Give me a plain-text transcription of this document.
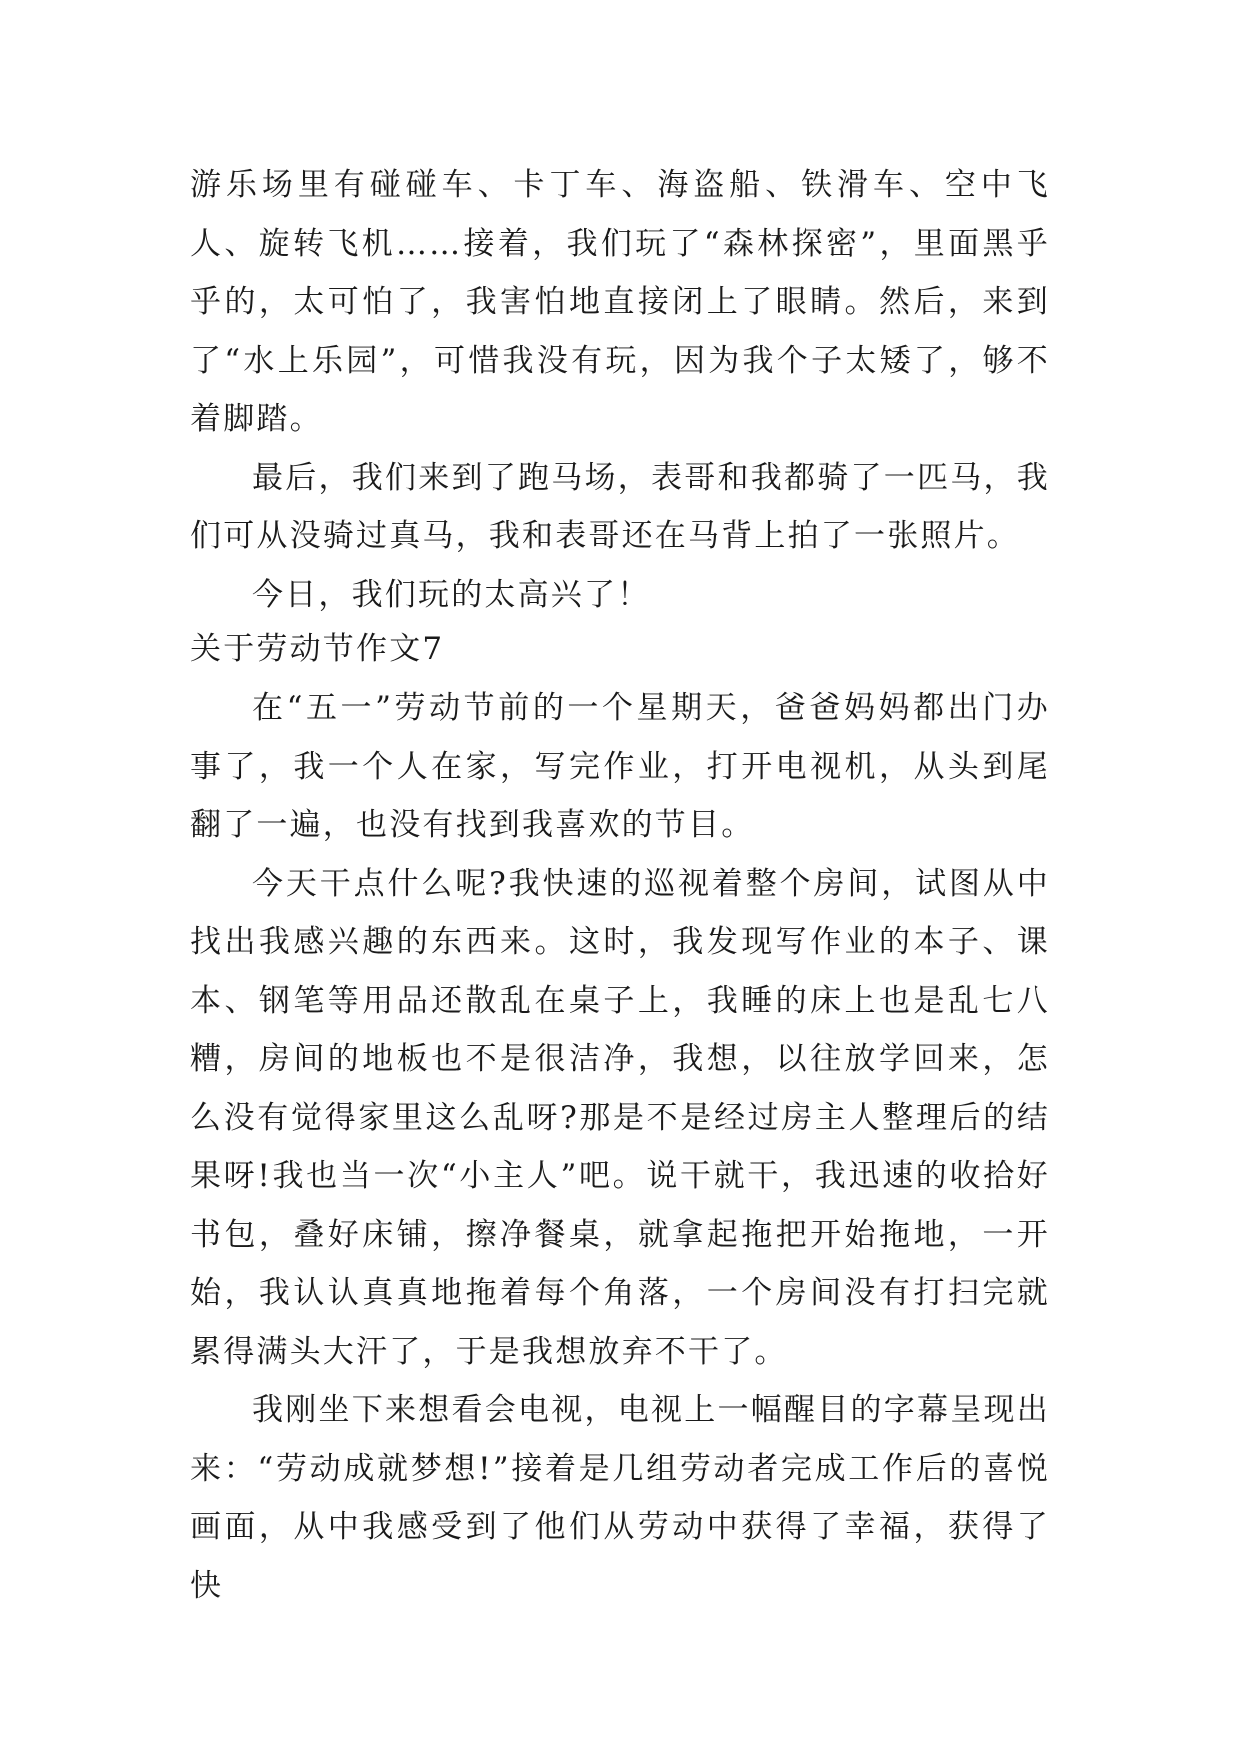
游乐场里有碰碰车、卡丁车、海盗船、铁滑车、空中飞人、旋转飞机……接着，我们玩了“森林探密”，里面黑乎乎的，太可怕了，我害怕地直接闭上了眼睛。然后，来到了“水上乐园”，可惜我没有玩，因为我个子太矮了，够不着脚踏。

最后，我们来到了跑马场，表哥和我都骑了一匹马，我们可从没骑过真马，我和表哥还在马背上拍了一张照片。

今日，我们玩的太高兴了！

关于劳动节作文7

在“五一”劳动节前的一个星期天，爸爸妈妈都出门办事了，我一个人在家，写完作业，打开电视机，从头到尾翻了一遍，也没有找到我喜欢的节目。

今天干点什么呢?我快速的巡视着整个房间，试图从中找出我感兴趣的东西来。这时，我发现写作业的本子、课本、钢笔等用品还散乱在桌子上，我睡的床上也是乱七八糟，房间的地板也不是很洁净，我想，以往放学回来，怎么没有觉得家里这么乱呀?那是不是经过房主人整理后的结果呀!我也当一次“小主人”吧。说干就干，我迅速的收拾好书包，叠好床铺，擦净餐桌，就拿起拖把开始拖地，一开始，我认认真真地拖着每个角落，一个房间没有打扫完就累得满头大汗了，于是我想放弃不干了。

我刚坐下来想看会电视，电视上一幅醒目的字幕呈现出来：“劳动成就梦想!”接着是几组劳动者完成工作后的喜悦画面，从中我感受到了他们从劳动中获得了幸福，获得了快
